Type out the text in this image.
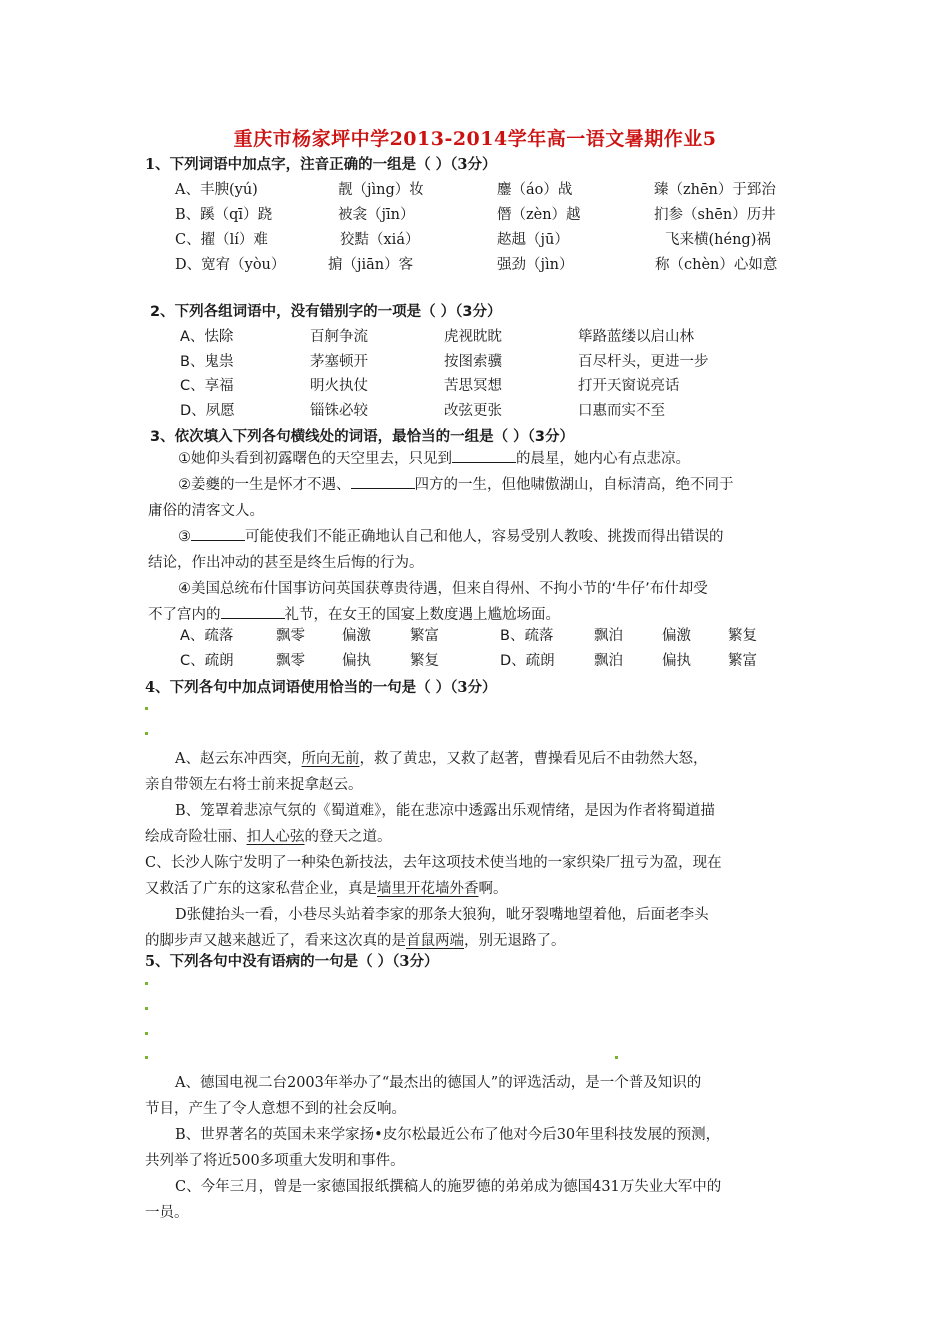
重庆市杨家坪中学2013-2014学年高一语文暑期作业5
1、下列词语中加点字，注音正确的一组是（ ）（3分）
A、丰腴(yú)	靓（jìng）妆	鏖（áo）战	臻（zhēn）于郅治
B、蹊（qī）跷	被衾（jīn）	僭（zèn）越	扪参（shēn）历井
C、擢（lí）难	狡黠（xiá）	趑趄（jū）	飞来横(héng)祸
D、宽宥（yòu）	掮（jiān）客	强劲（jìn）	称（chèn）心如意
2、下列各组词语中，没有错别字的一项是（ ）（3分）
A、怯除	百舸争流	虎视眈眈	筚路蓝缕以启山林
B、鬼祟	茅塞顿开	按图索骥	百尽杆头，更进一步
C、享福	明火执仗	苦思冥想	打开天窗说亮话
D、夙愿	锱铢必较	改弦更张	口惠而实不至
3、依次填入下列各句横线处的词语，最恰当的一组是（ ）（3分）

①她仰头看到初露曙色的天空里去，只见到	的晨星，她内心有点悲凉。

②姜夔的一生是怀才不遇、	四方的一生，但他啸傲湖山，自标清高，绝不同于

庸俗的清客文人。

③	可能使我们不能正确地认自己和他人，容易受别人教唆、挑拨而得出错误的

结论，作出冲动的甚至是终生后悔的行为。

④美国总统布什国事访问英国获尊贵待遇，但来自得州、不拘小节的‘牛仔’布什却受

不了宫内的	礼节，在女王的国宴上数度遇上尴尬场面。

A、疏落	飘零	偏激	繁富	B、疏落	飘泊	偏激	繁复
C、疏朗	飘零	偏执	繁复	D、疏朗	飘泊	偏执	繁富
4、下列各句中加点词语使用恰当的一句是（ ）（3分）

A、赵云东冲西突，所向无前，救了黄忠，又救了赵著，曹操看见后不由勃然大怒，

亲自带领左右将士前来捉拿赵云。

B、笼罩着悲凉气氛的《蜀道难》，能在悲凉中透露出乐观情绪，是因为作者将蜀道描

绘成奇险壮丽、扣人心弦的登天之道。

C、长沙人陈宁发明了一种染色新技法，去年这项技术使当地的一家织染厂扭亏为盈，现在

又救活了广东的这家私营企业，真是墙里开花墙外香啊。

D张健抬头一看，小巷尽头站着李家的那条大狼狗，呲牙裂嘴地望着他，后面老李头

的脚步声又越来越近了，看来这次真的是首鼠两端，别无退路了。

5、下列各句中没有语病的一句是（ ）（3分）

A、德国电视二台2003年举办了“最杰出的德国人”的评选活动，是一个普及知识的

节目，产生了令人意想不到的社会反响。

B、世界著名的英国未来学家扬•皮尔松最近公布了他对今后30年里科技发展的预测，

共列举了将近500多项重大发明和事件。

C、今年三月，曾是一家德国报纸撰稿人的施罗德的弟弟成为德国431万失业大军中的

一员。
